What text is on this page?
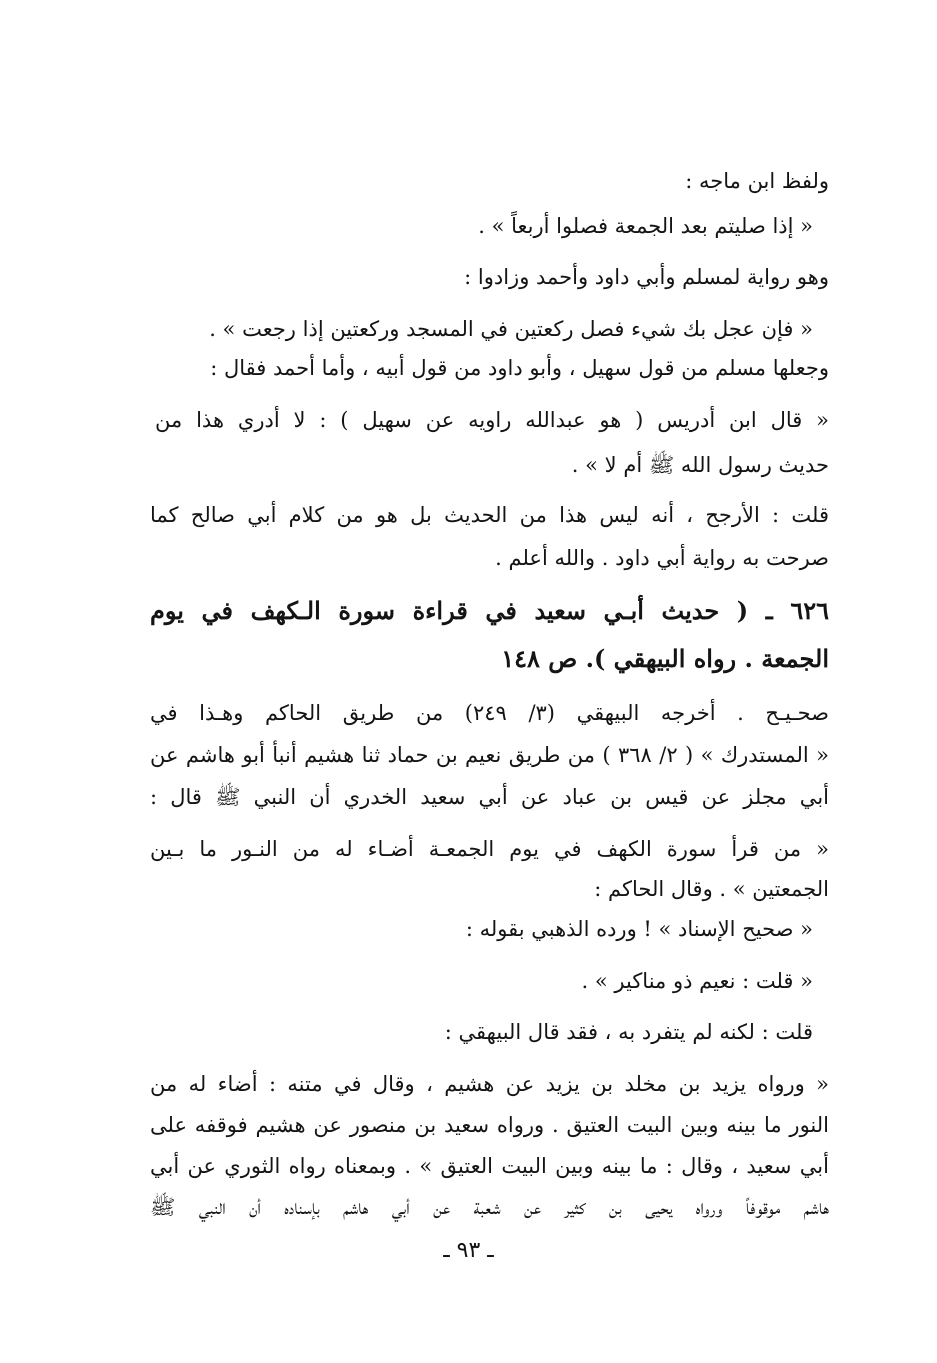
ولفظ ابن ماجه :
« إذا صليتم بعد الجمعة فصلوا أربعاً » .
وهو رواية لمسلم وأبي داود وأحمد وزادوا :
« فإن عجل بك شيء فصل ركعتين في المسجد وركعتين إذا رجعت » .
وجعلها مسلم من قول سهيل ، وأبو داود من قول أبيه ، وأما أحمد فقال :
« قال ابن أدريس ( هو عبدالله راويه عن سهيل ) : لا أدري هذا من
حديث رسول الله ﷺ أم لا » .
قلت : الأرجح ، أنه ليس هذا من الحديث بل هو من كلام أبي صالح كما
صرحت به رواية أبي داود . والله أعلم .
٦٢٦ ـ ( حديث أبـي سعيد في قراءة سورة الـكهف في يوم
الجمعة . رواه البيهقي ). ص ١٤٨
صحـيـح . أخرجه البيهقي (٣/ ٢٤٩) من طريق الحاكم وهـذا في
« المستدرك » ( ٢/ ٣٦٨ ) من طريق نعيم بن حماد ثنا هشيم أنبأ أبو هاشم عن
أبي مجلز عن قيس بن عباد عن أبي سعيد الخدري أن النبي ﷺ قال :
« من قرأ سورة الكهف في يوم الجمعـة أضـاء له من النـور ما بـين
الجمعتين » . وقال الحاكم :
« صحيح الإسناد » ! ورده الذهبي بقوله :
« قلت : نعيم ذو مناكير » .
قلت : لكنه لم يتفرد به ، فقد قال البيهقي :
« ورواه يزيد بن مخلد بن يزيد عن هشيم ، وقال في متنه : أضاء له من
النور ما بينه وبين البيت العتيق . ورواه سعيد بن منصور عن هشيم فوقفه على
أبي سعيد ، وقال : ما بينه وبين البيت العتيق » . وبمعناه رواه الثوري عن أبي
هاشم موقوفاً ورواه يحيى بن كثير عن شعبة عن أبي هاشم بإسناده أن النبي ﷺ
ـ ٩٣ ـ
